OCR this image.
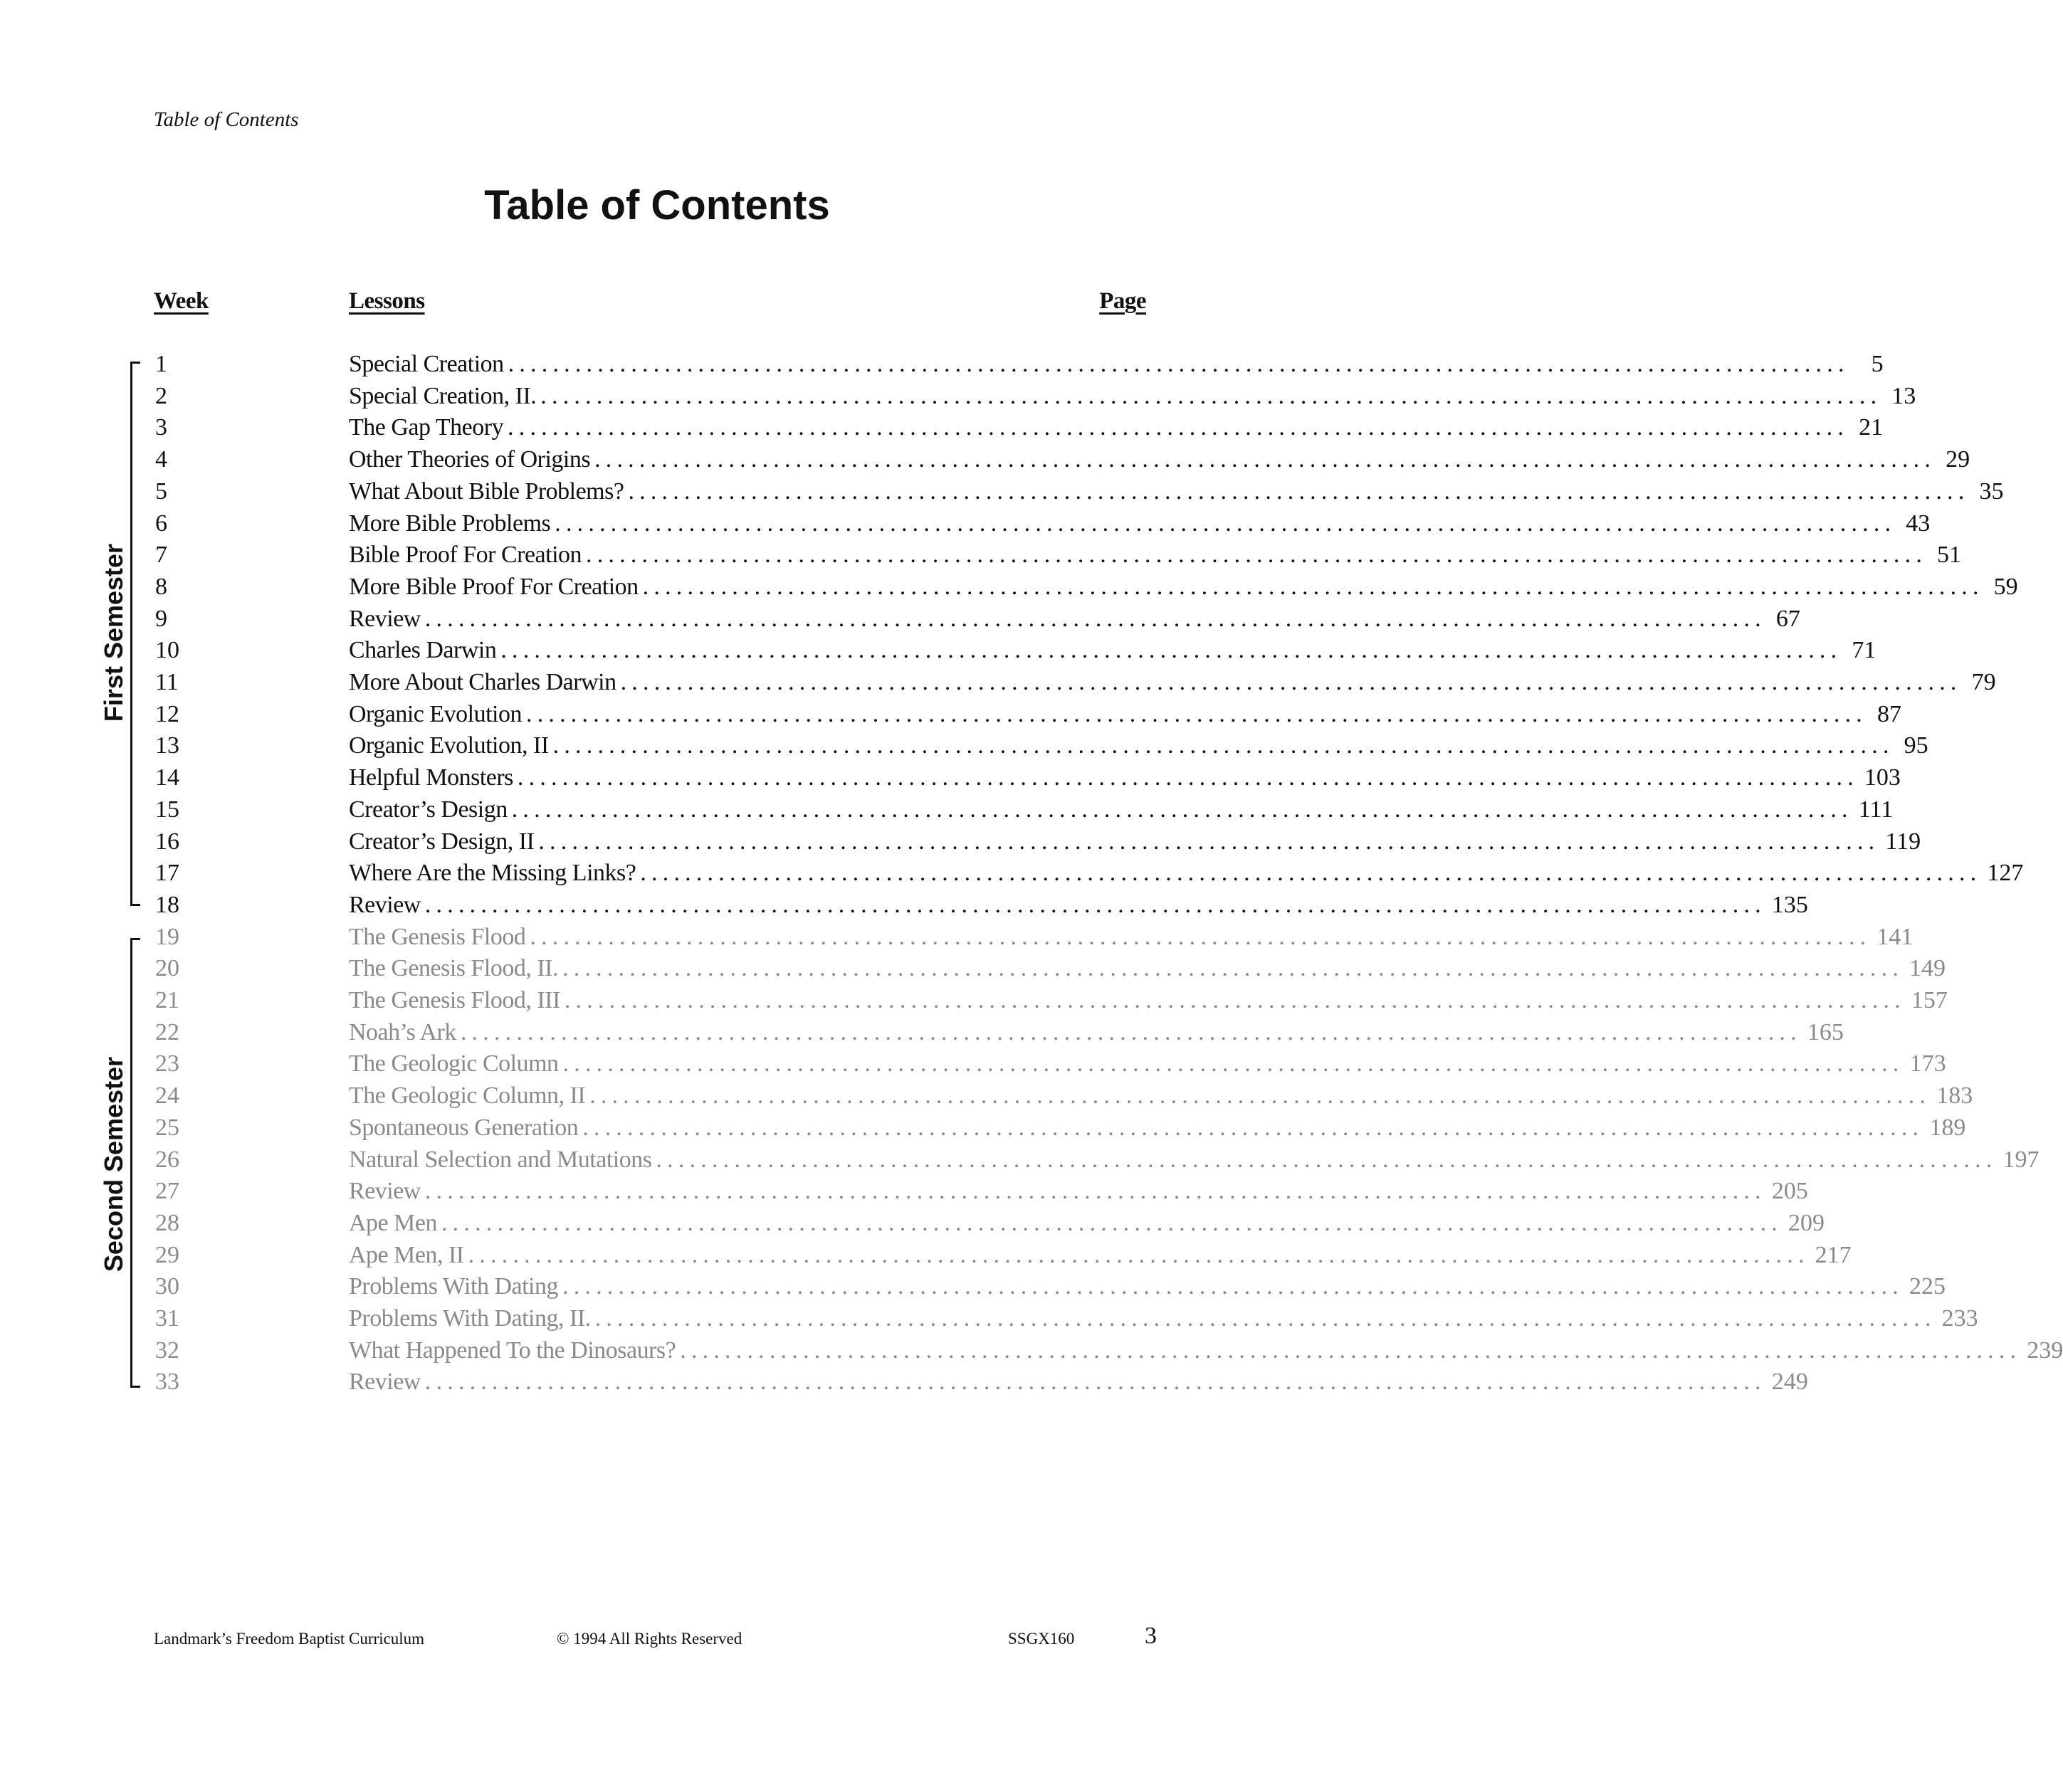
Table of Contents
Table of Contents
Week	Lessons	Page
First Semester
Second Semester
1	Special Creation ........................................................................................................................ 5
2	Special Creation, II. ........................................................................................................................ 13
3	The Gap Theory ........................................................................................................................ 21
4	Other Theories of Origins ........................................................................................................................ 29
5	What About Bible Problems? ........................................................................................................................ 35
6	More Bible Problems ........................................................................................................................ 43
7	Bible Proof For Creation ........................................................................................................................ 51
8	More Bible Proof For Creation ........................................................................................................................ 59
9	Review ........................................................................................................................ 67
10	Charles Darwin ........................................................................................................................ 71
11	More About Charles Darwin ........................................................................................................................ 79
12	Organic Evolution ........................................................................................................................ 87
13	Organic Evolution, II ........................................................................................................................ 95
14	Helpful Monsters ........................................................................................................................ 103
15	Creator’s Design ........................................................................................................................ 111
16	Creator’s Design, II ........................................................................................................................ 119
17	Where Are the Missing Links? ........................................................................................................................ 127
18	Review ........................................................................................................................ 135
19	The Genesis Flood ........................................................................................................................ 141
20	The Genesis Flood, II. ........................................................................................................................ 149
21	The Genesis Flood, III ........................................................................................................................ 157
22	Noah’s Ark ........................................................................................................................ 165
23	The Geologic Column ........................................................................................................................ 173
24	The Geologic Column, II ........................................................................................................................ 183
25	Spontaneous Generation ........................................................................................................................ 189
26	Natural Selection and Mutations ........................................................................................................................ 197
27	Review ........................................................................................................................ 205
28	Ape Men ........................................................................................................................ 209
29	Ape Men, II ........................................................................................................................ 217
30	Problems With Dating ........................................................................................................................ 225
31	Problems With Dating, II. ........................................................................................................................ 233
32	What Happened To the Dinosaurs? ........................................................................................................................ 239
33	Review ........................................................................................................................ 249
Landmark’s Freedom Baptist Curriculum	© 1994 All Rights Reserved	SSGX160	3
